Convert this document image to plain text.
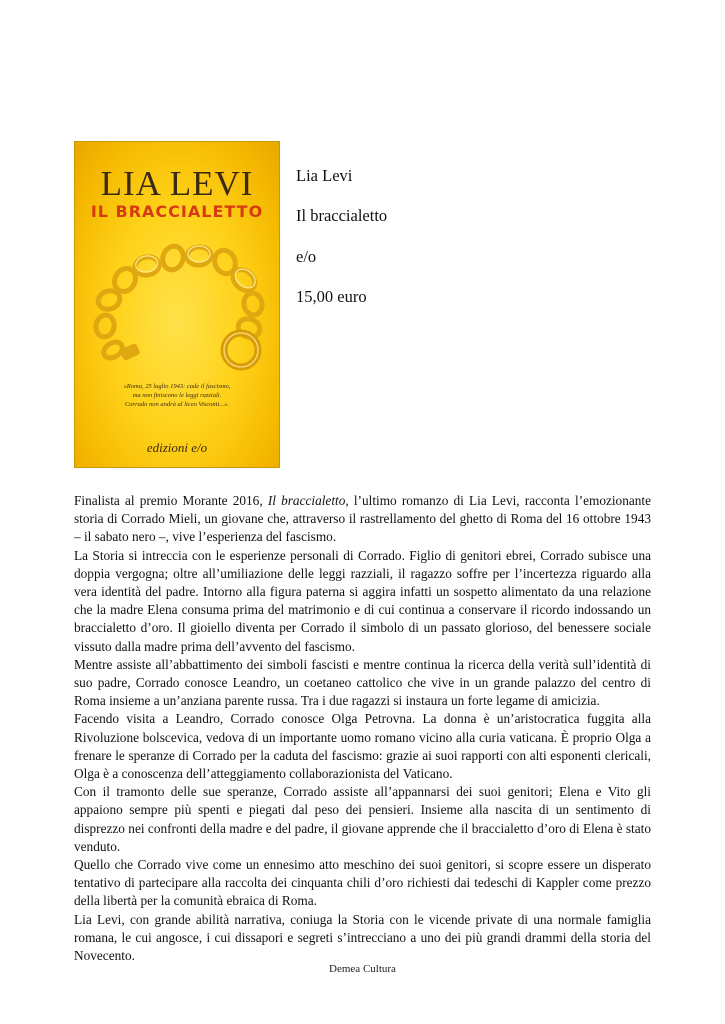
LIA LEVI
IL BRACCIALETTO
«Roma, 25 luglio 1943: cade il fascismo,
ma non finiscono le leggi razziali.
Corrado non andrà al liceo Visconti...».
edizioni e/o
Lia Levi
Il braccialetto
e/o
15,00 euro

Finalista al premio Morante 2016, Il braccialetto, l’ultimo romanzo di Lia Levi, racconta l’emozionante storia di Corrado Mieli, un giovane che, attraverso il rastrellamento del ghetto di Roma del 16 ottobre 1943 – il sabato nero –, vive l’esperienza del fascismo.

La Storia si intreccia con le esperienze personali di Corrado. Figlio di genitori ebrei, Corrado subisce una doppia vergogna; oltre all’umiliazione delle leggi razziali, il ragazzo soffre per l’incertezza riguardo alla vera identità del padre. Intorno alla figura paterna si aggira infatti un sospetto alimentato da una relazione che la madre Elena consuma prima del matrimonio e di cui continua a conservare il ricordo indossando un braccialetto d’oro. Il gioiello diventa per Corrado il simbolo di un passato glorioso, del benessere sociale vissuto dalla madre prima dell’avvento del fascismo.

Mentre assiste all’abbattimento dei simboli fascisti e mentre continua la ricerca della verità sull’identità di suo padre, Corrado conosce Leandro, un coetaneo cattolico che vive in un grande palazzo del centro di Roma insieme a un’anziana parente russa. Tra i due ragazzi si instaura un forte legame di amicizia.

Facendo visita a Leandro, Corrado conosce Olga Petrovna. La donna è un’aristocratica fuggita alla Rivoluzione bolscevica, vedova di un importante uomo romano vicino alla curia vaticana. È proprio Olga a frenare le speranze di Corrado per la caduta del fascismo: grazie ai suoi rapporti con alti esponenti clericali, Olga è a conoscenza dell’atteggiamento collaborazionista del Vaticano.

Con il tramonto delle sue speranze, Corrado assiste all’appannarsi dei suoi genitori; Elena e Vito gli appaiono sempre più spenti e piegati dal peso dei pensieri. Insieme alla nascita di un sentimento di disprezzo nei confronti della madre e del padre, il giovane apprende che il braccialetto d’oro di Elena è stato venduto.

Quello che Corrado vive come un ennesimo atto meschino dei suoi genitori, si scopre essere un disperato tentativo di partecipare alla raccolta dei cinquanta chili d’oro richiesti dai tedeschi di Kappler come prezzo della libertà per la comunità ebraica di Roma.

Lia Levi, con grande abilità narrativa, coniuga la Storia con le vicende private di una normale famiglia romana, le cui angosce, i cui dissapori e segreti s’intrecciano a uno dei più grandi drammi della storia del Novecento.

Demea Cultura
